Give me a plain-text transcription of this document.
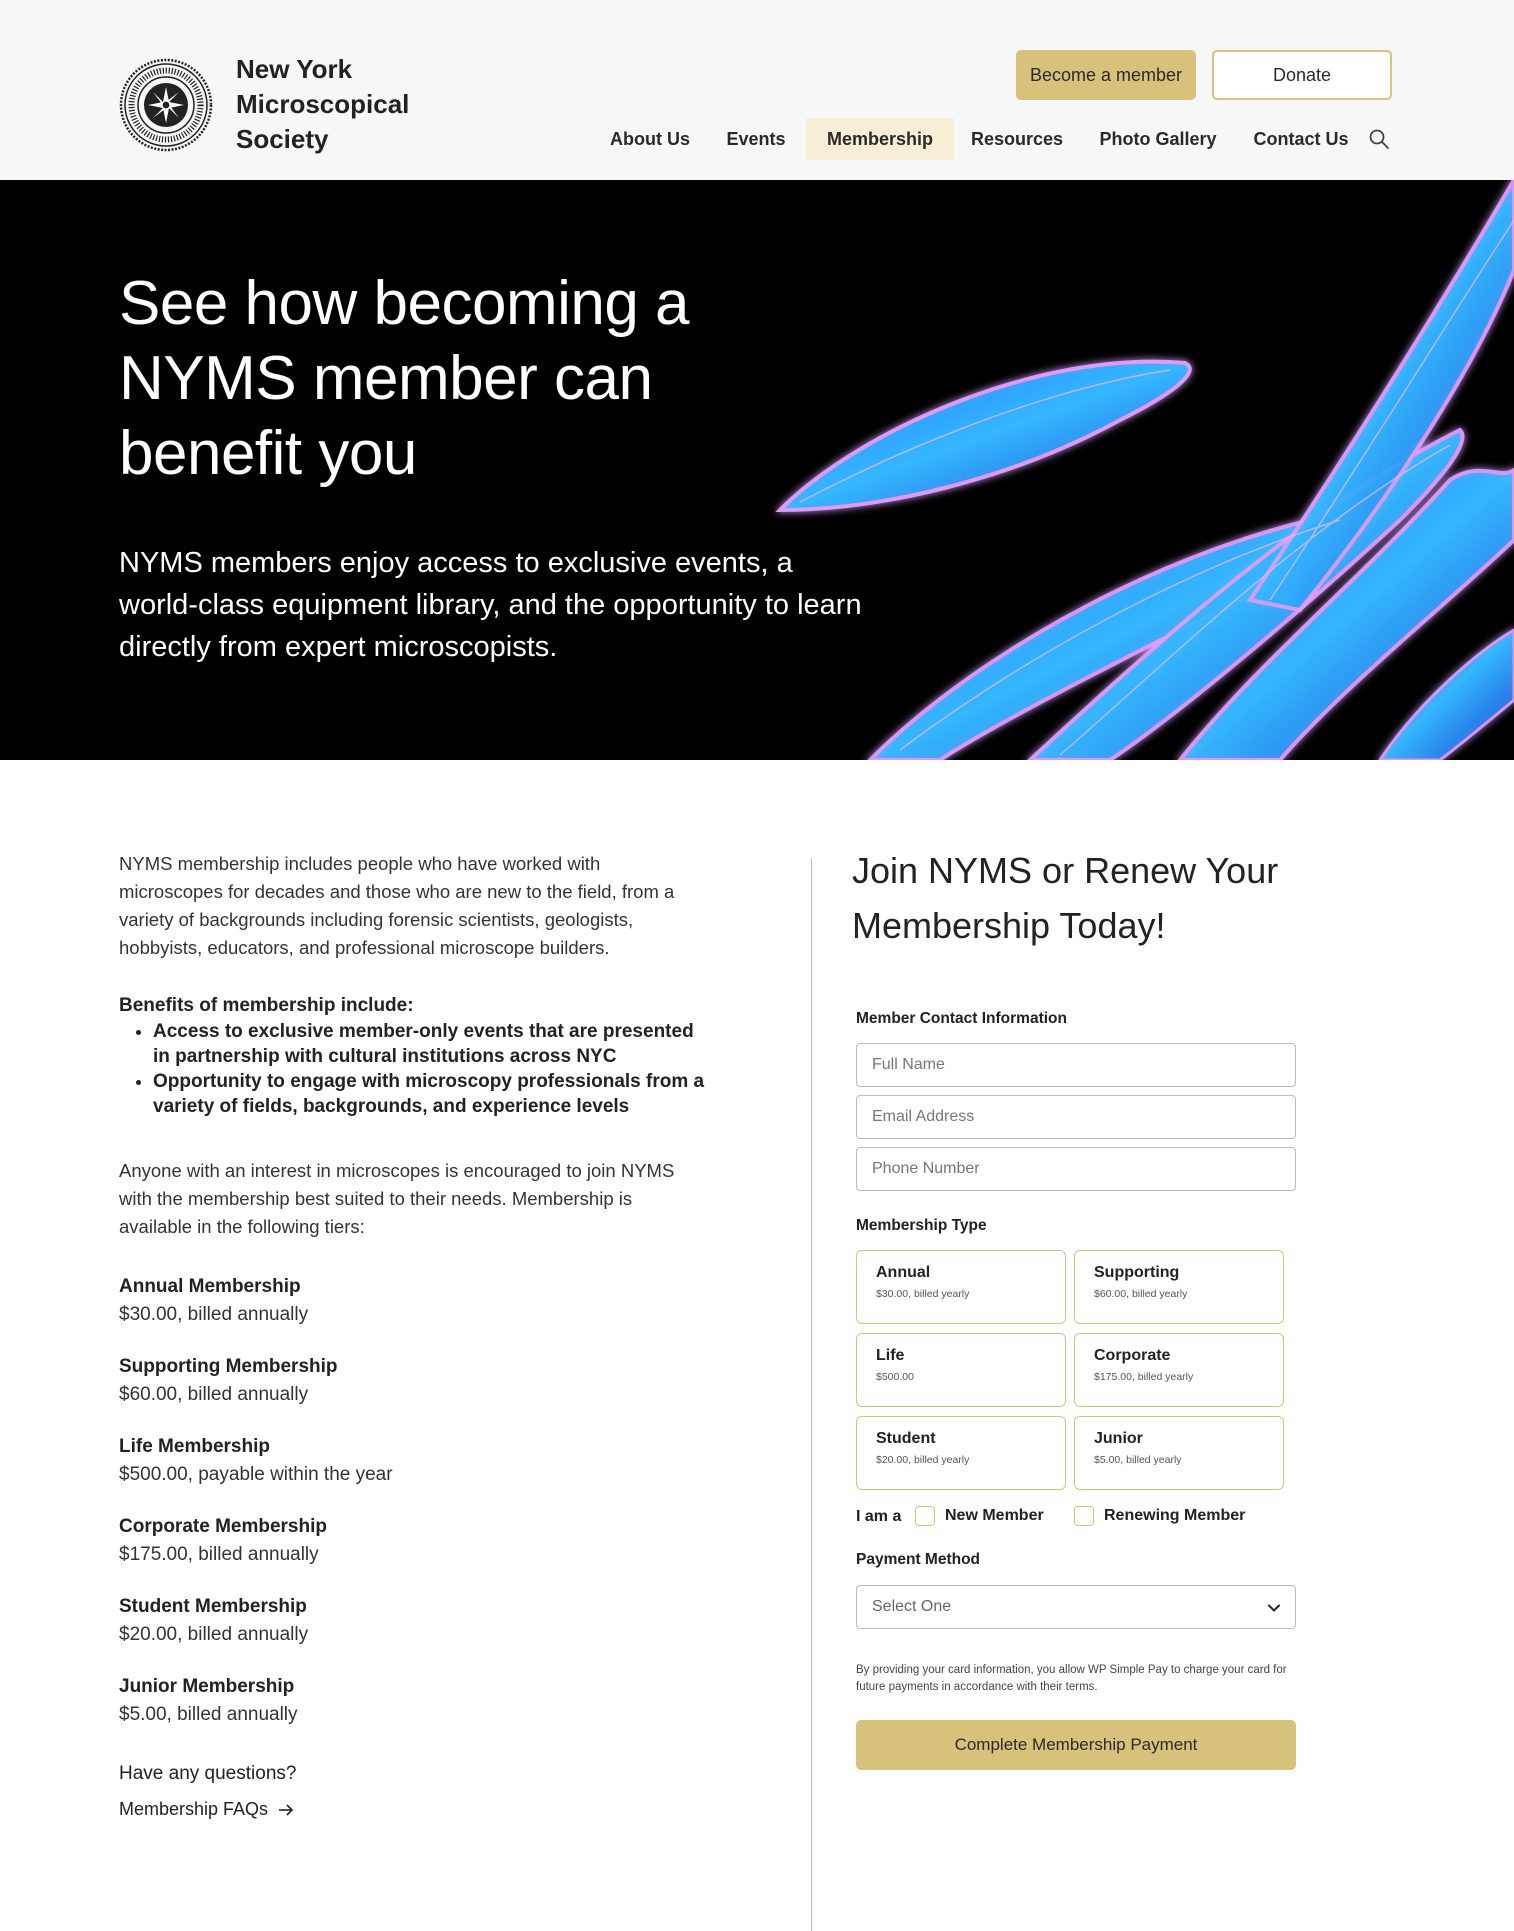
New York
Microscopical
Society
Become a member	Donate
About Us	Events	Membership	Resources	Photo Gallery	Contact Us
See how becoming a NYMS member can benefit you

NYMS members enjoy access to exclusive events, a world-class equipment library, and the opportunity to learn directly from expert microscopists.

NYMS membership includes people who have worked with microscopes for decades and those who are new to the field, from a variety of backgrounds including forensic scientists, geologists, hobbyists, educators, and professional microscope builders.

Benefits of membership include:

• Access to exclusive member-only events that are presented in partnership with cultural institutions across NYC
• Opportunity to engage with microscopy professionals from a variety of fields, backgrounds, and experience levels

Anyone with an interest in microscopes is encouraged to join NYMS with the membership best suited to their needs. Membership is available in the following tiers:

Annual Membership
$30.00, billed annually
Supporting Membership
$60.00, billed annually
Life Membership
$500.00, payable within the year
Corporate Membership
$175.00, billed annually
Student Membership
$20.00, billed annually
Junior Membership
$5.00, billed annually

Have any questions?

Membership FAQs
Join NYMS or Renew Your Membership Today!
Member Contact Information
Full Name
Email Address
Phone Number
Membership Type
Annual
$30.00, billed yearly
Supporting
$60.00, billed yearly
Life
$500.00
Corporate
$175.00, billed yearly
Student
$20.00, billed yearly
Junior
$5.00, billed yearly
I am a	New Member	Renewing Member
Payment Method
Select One

By providing your card information, you allow WP Simple Pay to charge your card for future payments in accordance with their terms.

Complete Membership Payment
